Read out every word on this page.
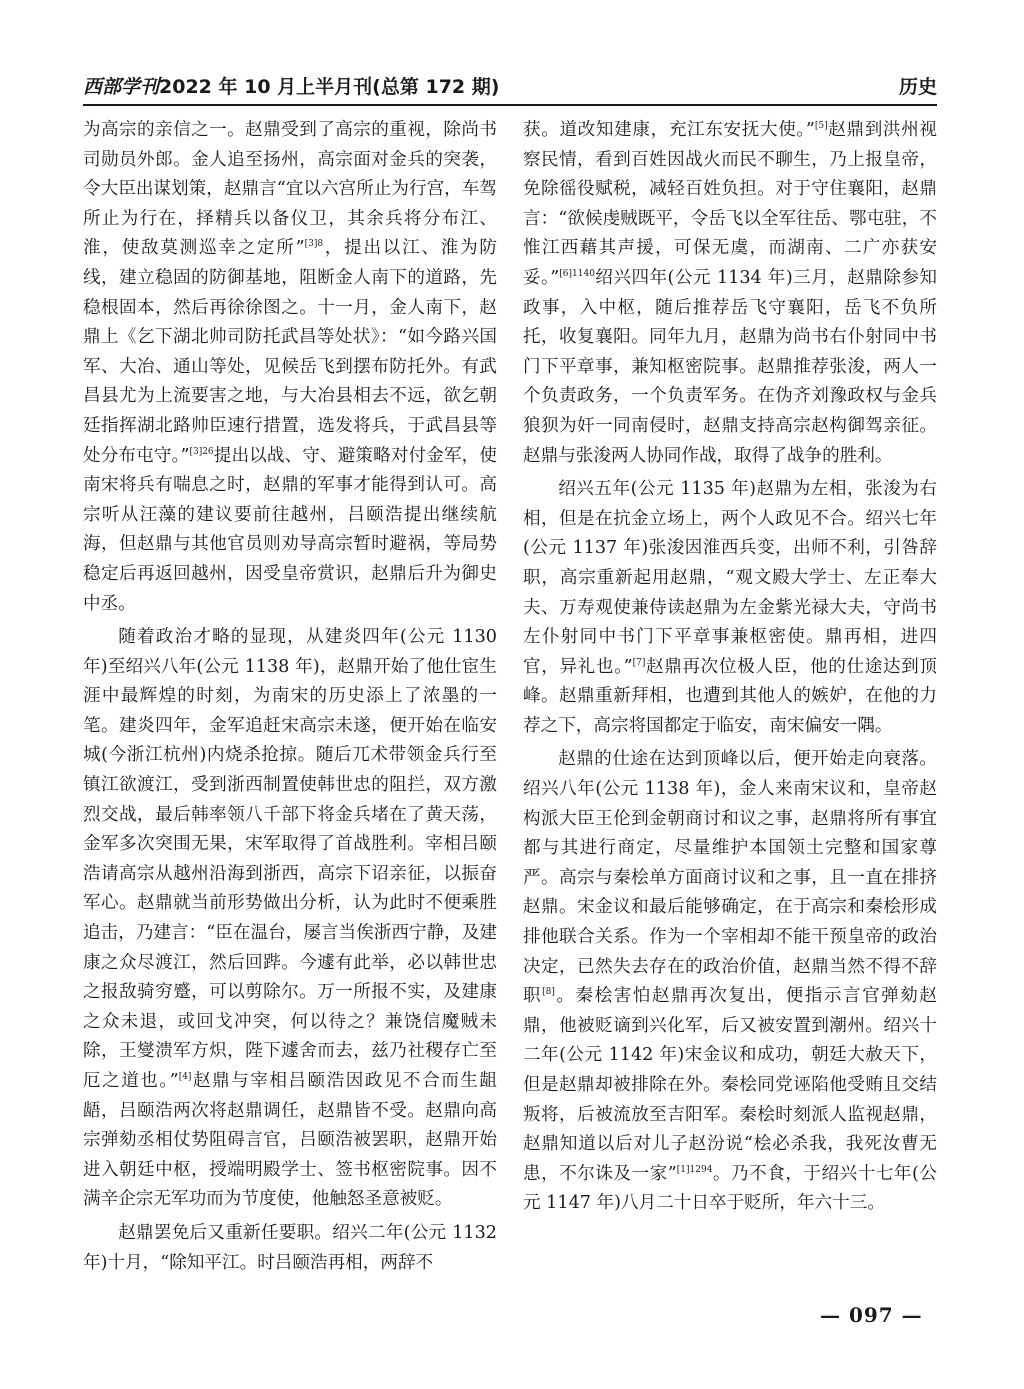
西部学刊2022 年 10 月上半月刊(总第 172 期)	历史

为高宗的亲信之一。赵鼎受到了高宗的重视，除尚书司勋员外郎。金人追至扬州，高宗面对金兵的突袭，令大臣出谋划策，赵鼎言“宜以六宫所止为行宫，车驾所止为行在，择精兵以备仪卫，其余兵将分布江、淮，使敌莫测巡幸之定所”$^{[3]8}$，提出以江、淮为防线，建立稳固的防御基地，阻断金人南下的道路，先稳根固本，然后再徐徐图之。十一月，金人南下，赵鼎上《乞下湖北帅司防托武昌等处状》：“如今路兴国军、大冶、通山等处，见候岳飞到摆布防托外。有武昌县尤为上流要害之地，与大冶县相去不远，欲乞朝廷指挥湖北路帅臣速行措置，选发将兵，于武昌县等处分布屯守。”$^{[3]26}$提出以战、守、避策略对付金军，使南宋将兵有喘息之时，赵鼎的军事才能得到认可。高宗听从汪藻的建议要前往越州，吕颐浩提出继续航海，但赵鼎与其他官员则劝导高宗暂时避祸，等局势稳定后再返回越州，因受皇帝赏识，赵鼎后升为御史中丞。

随着政治才略的显现，从建炎四年(公元 1130 年)至绍兴八年(公元 1138 年)，赵鼎开始了他仕宦生涯中最辉煌的时刻，为南宋的历史添上了浓墨的一笔。建炎四年，金军追赶宋高宗未遂，便开始在临安城(今浙江杭州)内烧杀抢掠。随后兀术带领金兵行至镇江欲渡江，受到浙西制置使韩世忠的阻拦，双方激烈交战，最后韩率领八千部下将金兵堵在了黄天荡，金军多次突围无果，宋军取得了首战胜利。宰相吕颐浩请高宗从越州沿海到浙西，高宗下诏亲征，以振奋军心。赵鼎就当前形势做出分析，认为此时不便乘胜追击，乃建言：“臣在温台，屡言当俟浙西宁静，及建康之众尽渡江，然后回跸。今遽有此举，必以韩世忠之报敌骑穷蹙，可以剪除尔。万一所报不实，及建康之众未退，或回戈冲突，何以待之？兼饶信魔贼未除，王燮溃军方炽，陛下遽舍而去，兹乃社稷存亡至厄之道也。”[4]赵鼎与宰相吕颐浩因政见不合而生龃龉，吕颐浩两次将赵鼎调任，赵鼎皆不受。赵鼎向高宗弹劾丞相仗势阻碍言官，吕颐浩被罢职，赵鼎开始进入朝廷中枢，授端明殿学士、签书枢密院事。因不满辛企宗无军功而为节度使，他触怒圣意被贬。

赵鼎罢免后又重新任要职。绍兴二年(公元 1132 年)十月，“除知平江。时吕颐浩再相，两辞不

获。道改知建康，充江东安抚大使。”[5]赵鼎到洪州视察民情，看到百姓因战火而民不聊生，乃上报皇帝，免除徭役赋税，减轻百姓负担。对于守住襄阳，赵鼎言：“欲候虔贼既平，令岳飞以全军往岳、鄂屯驻，不惟江西藉其声援，可保无虞，而湖南、二广亦获安妥。”$^{[6]1140}$绍兴四年(公元 1134 年)三月，赵鼎除参知政事，入中枢，随后推荐岳飞守襄阳，岳飞不负所托，收复襄阳。同年九月，赵鼎为尚书右仆射同中书门下平章事，兼知枢密院事。赵鼎推荐张浚，两人一个负责政务，一个负责军务。在伪齐刘豫政权与金兵狼狈为奸一同南侵时，赵鼎支持高宗赵构御驾亲征。赵鼎与张浚两人协同作战，取得了战争的胜利。

绍兴五年(公元 1135 年)赵鼎为左相，张浚为右相，但是在抗金立场上，两个人政见不合。绍兴七年(公元 1137 年)张浚因淮西兵变，出师不利，引咎辞职，高宗重新起用赵鼎，“观文殿大学士、左正奉大夫、万寿观使兼侍读赵鼎为左金紫光禄大夫，守尚书左仆射同中书门下平章事兼枢密使。鼎再相，进四官，异礼也。”[7]赵鼎再次位极人臣，他的仕途达到顶峰。赵鼎重新拜相，也遭到其他人的嫉妒，在他的力荐之下，高宗将国都定于临安，南宋偏安一隅。

赵鼎的仕途在达到顶峰以后，便开始走向衰落。绍兴八年(公元 1138 年)，金人来南宋议和，皇帝赵构派大臣王伦到金朝商讨和议之事，赵鼎将所有事宜都与其进行商定，尽量维护本国领土完整和国家尊严。高宗与秦桧单方面商讨议和之事，且一直在排挤赵鼎。宋金议和最后能够确定，在于高宗和秦桧形成排他联合关系。作为一个宰相却不能干预皇帝的政治决定，已然失去存在的政治价值，赵鼎当然不得不辞职[8]。秦桧害怕赵鼎再次复出，便指示言官弹劾赵鼎，他被贬谪到兴化军，后又被安置到潮州。绍兴十二年(公元 1142 年)宋金议和成功，朝廷大赦天下，但是赵鼎却被排除在外。秦桧同党诬陷他受贿且交结叛将，后被流放至吉阳军。秦桧时刻派人监视赵鼎，赵鼎知道以后对儿子赵汾说“桧必杀我，我死汝曹无患，不尔诛及一家”$^{[1]1294}$。乃不食，于绍兴十七年(公元 1147 年)八月二十日卒于贬所，年六十三。

— 097 —
